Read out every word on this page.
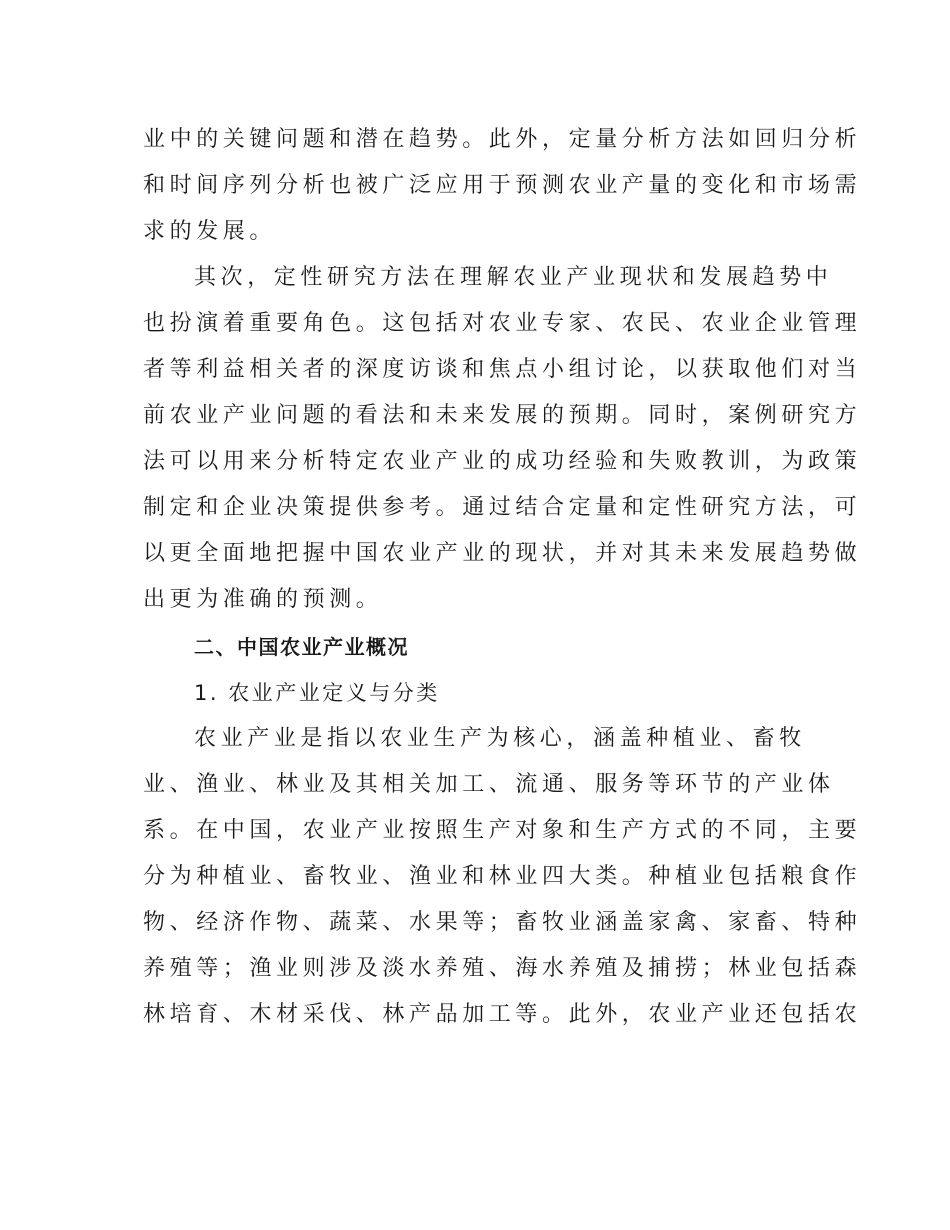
业中的关键问题和潜在趋势。此外，定量分析方法如回归分析
和时间序列分析也被广泛应用于预测农业产量的变化和市场需
求的发展。
其次，定性研究方法在理解农业产业现状和发展趋势中
也扮演着重要角色。这包括对农业专家、农民、农业企业管理
者等利益相关者的深度访谈和焦点小组讨论，以获取他们对当
前农业产业问题的看法和未来发展的预期。同时，案例研究方
法可以用来分析特定农业产业的成功经验和失败教训，为政策
制定和企业决策提供参考。通过结合定量和定性研究方法，可
以更全面地把握中国农业产业的现状，并对其未来发展趋势做
出更为准确的预测。
二、中国农业产业概况
1. 农业产业定义与分类
农业产业是指以农业生产为核心，涵盖种植业、畜牧
业、渔业、林业及其相关加工、流通、服务等环节的产业体
系。在中国，农业产业按照生产对象和生产方式的不同，主要
分为种植业、畜牧业、渔业和林业四大类。种植业包括粮食作
物、经济作物、蔬菜、水果等；畜牧业涵盖家禽、家畜、特种
养殖等；渔业则涉及淡水养殖、海水养殖及捕捞；林业包括森
林培育、木材采伐、林产品加工等。此外，农业产业还包括农
